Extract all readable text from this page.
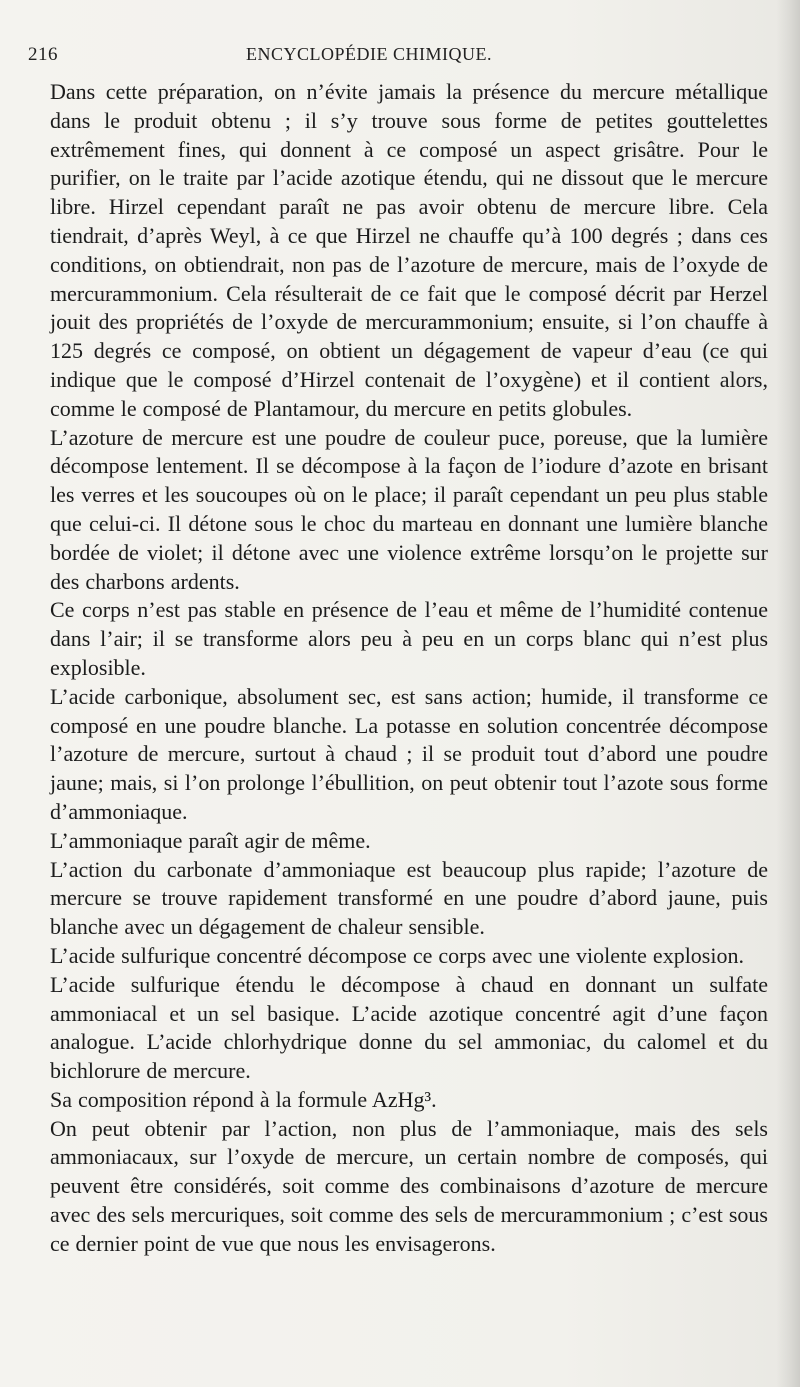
216	ENCYCLOPÉDIE CHIMIQUE.

Dans cette préparation, on n’évite jamais la présence du mercure métallique dans le produit obtenu ; il s’y trouve sous forme de petites gouttelettes extrêmement fines, qui donnent à ce composé un aspect grisâtre. Pour le purifier, on le traite par l’acide azotique étendu, qui ne dissout que le mercure libre. Hirzel cependant paraît ne pas avoir obtenu de mercure libre. Cela tiendrait, d’après Weyl, à ce que Hirzel ne chauffe qu’à 100 degrés ; dans ces conditions, on obtiendrait, non pas de l’azoture de mercure, mais de l’oxyde de mercurammonium. Cela résulterait de ce fait que le composé décrit par Herzel jouit des propriétés de l’oxyde de mercurammonium; ensuite, si l’on chauffe à 125 degrés ce composé, on obtient un dégagement de vapeur d’eau (ce qui indique que le composé d’Hirzel contenait de l’oxygène) et il contient alors, comme le composé de Plantamour, du mercure en petits globules.

L’azoture de mercure est une poudre de couleur puce, poreuse, que la lumière décompose lentement. Il se décompose à la façon de l’iodure d’azote en brisant les verres et les soucoupes où on le place; il paraît cependant un peu plus stable que celui-ci. Il détone sous le choc du marteau en donnant une lumière blanche bordée de violet; il détone avec une violence extrême lorsqu’on le projette sur des charbons ardents.

Ce corps n’est pas stable en présence de l’eau et même de l’humidité contenue dans l’air; il se transforme alors peu à peu en un corps blanc qui n’est plus explosible.

L’acide carbonique, absolument sec, est sans action; humide, il transforme ce composé en une poudre blanche. La potasse en solution concentrée décompose l’azoture de mercure, surtout à chaud ; il se produit tout d’abord une poudre jaune; mais, si l’on prolonge l’ébullition, on peut obtenir tout l’azote sous forme d’ammoniaque.

L’ammoniaque paraît agir de même.

L’action du carbonate d’ammoniaque est beaucoup plus rapide; l’azoture de mercure se trouve rapidement transformé en une poudre d’abord jaune, puis blanche avec un dégagement de chaleur sensible.

L’acide sulfurique concentré décompose ce corps avec une violente explosion.

L’acide sulfurique étendu le décompose à chaud en donnant un sulfate ammoniacal et un sel basique. L’acide azotique concentré agit d’une façon analogue. L’acide chlorhydrique donne du sel ammoniac, du calomel et du bichlorure de mercure.

Sa composition répond à la formule AzHg³.

On peut obtenir par l’action, non plus de l’ammoniaque, mais des sels ammoniacaux, sur l’oxyde de mercure, un certain nombre de composés, qui peuvent être considérés, soit comme des combinaisons d’azoture de mercure avec des sels mercuriques, soit comme des sels de mercurammonium ; c’est sous ce dernier point de vue que nous les envisagerons.
